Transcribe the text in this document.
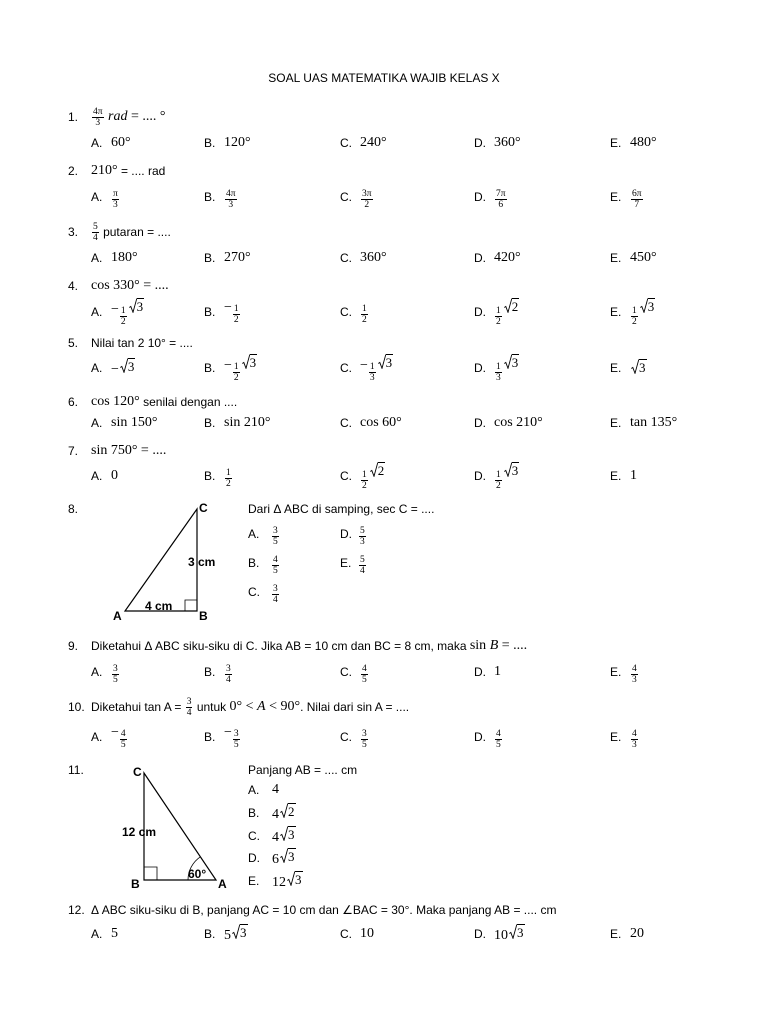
SOAL UAS MATEMATIKA WAJIB KELAS X
1. $\frac{4\pi}{3}$ rad = .... °
A. 60°	B. 120°	C. 240°	D. 360°	E. 480°
2. 210° = .... rad
A.	$\frac{\pi}{3}$	B.	$\frac{4\pi}{3}$	C. $\frac{3\pi}{2}$	D. $\frac{7\pi}{6}$	E.	$\frac{6\pi}{7}$
3. $\frac{5}{4}$ putaran = ....
A. 180°	B. 270°	C. 360°	D. 420°	E. 450°
4. cos 330° = ....
A. − $\frac{1}{2} 3$	B. − $\frac{1}{2}$	C. $\frac{1}{2}$	D. $\frac{1}{2} 2$	E.	$\frac{1}{2} 3$
5. Nilai tan 2 10° = ....
A. − 3	B. − $\frac{1}{2} 3$	C. − $\frac{1}{3} 3$	D. $\frac{1}{3} 3$	E.	3
6. cos 120° senilai dengan ....
A. sin 150°	B. sin 210°	C. cos 60°	D. cos 210°	E. tan 135°
7. sin 750° = ....
A. 0	B.	$\frac{1}{2}$	C. $\frac{1}{2} 2$	D. $\frac{1}{2} 3$	E. 1
8.	C
A	B
3 cm
4 cm
Dari Δ ABC di samping, sec C = ....
A.	$\frac{3}{5}$
B.	$\frac{4}{5}$
C.	$\frac{3}{4}$
D. $\frac{5}{3}$
E. $\frac{5}{4}$
9. Diketahui Δ ABC siku-siku di C. Jika AB = 10 cm dan BC = 8 cm, maka sin B = ....
A.	$\frac{3}{5}$	B.	$\frac{3}{4}$	C. $\frac{4}{5}$	D. 1	E.	$\frac{4}{3}$
10. Diketahui $\tan A = \frac{3}{4}$ untuk 0° < A < 90° . Nilai dari sin A = ....
A. − $\frac{4}{5}$	B. − $\frac{3}{5}$	C. $\frac{3}{5}$	D. $\frac{4}{5}$	E.	$\frac{4}{3}$
11.	C
B	A
12 cm
60°
Panjang AB = .... cm
A. 4
B. 4 2
C. 4 3
D. 6 3
E. 12 3
12. Δ ABC siku-siku di B, panjang AC = 10 cm dan ∠BAC = 30°. Maka panjang AB = .... cm
A. 5	B. 5 3	C. 10	D. 10 3	E. 20
